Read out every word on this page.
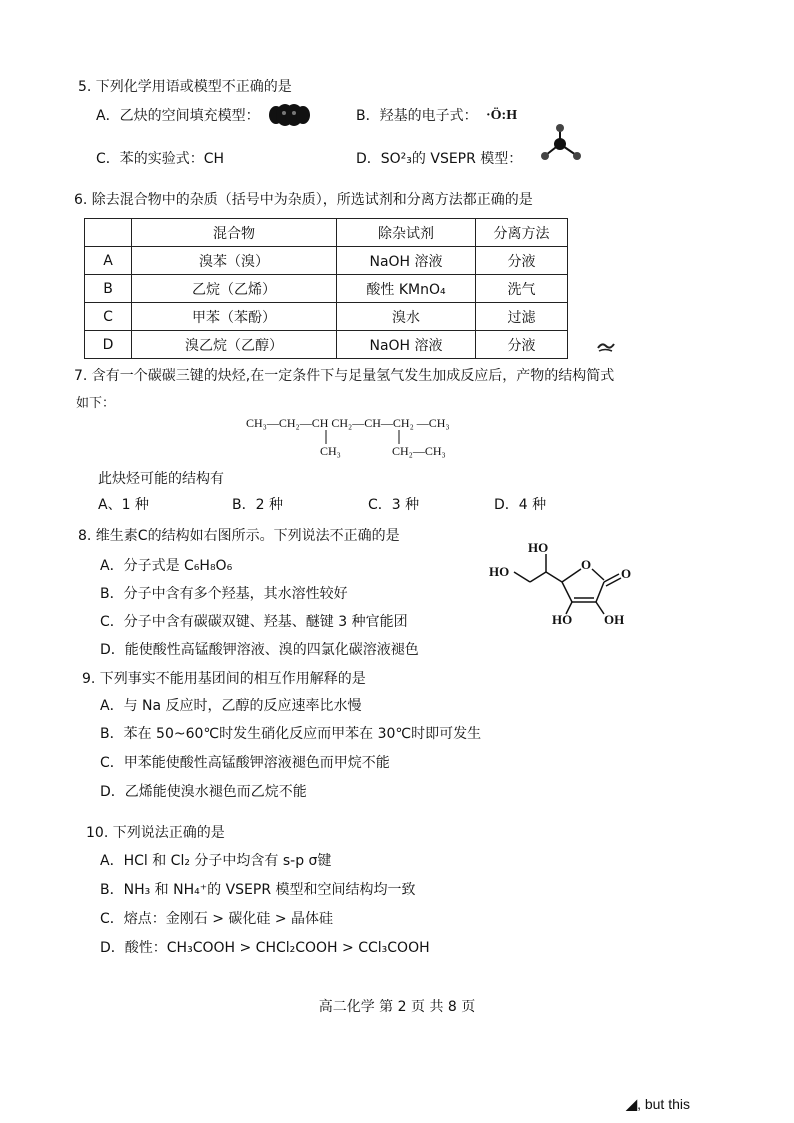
5. 下列化学用语或模型不正确的是
A．乙炔的空间填充模型：	B．羟基的电子式： ·Ö:H
C．苯的实验式：CH	D．SO²₃的 VSEPR 模型：
6. 除去混合物中的杂质（括号中为杂质），所选试剂和分离方法都正确的是
	混合物	除杂试剂	分离方法
A	溴苯（溴）	NaOH 溶液	分液
B	乙烷（乙烯）	酸性 KMnO₄	洗气
C	甲苯（苯酚）	溴水	过滤
D	溴乙烷（乙醇）	NaOH 溶液	分液
7. 含有一个碳碳三键的炔烃,在一定条件下与足量氢气发生加成反应后，产物的结构简式
如下：
CH₃—CH₂—CH CH₂—CH—CH₂ —CH₃
CH₃	CH₂—CH₃
此炔烃可能的结构有
A、1 种	B．2 种	C．3 种	D．4 种
8. 维生素C的结构如右图所示。下列说法不正确的是
A．分子式是 C₆H₈O₆
B．分子中含有多个羟基，其水溶性较好
C．分子中含有碳碳双键、羟基、醚键 3 种官能团
D．能使酸性高锰酸钾溶液、溴的四氯化碳溶液褪色
HO
HO	O
O
HO OH
9. 下列事实不能用基团间的相互作用解释的是
A．与 Na 反应时，乙醇的反应速率比水慢
B．苯在 50~60℃时发生硝化反应而甲苯在 30℃时即可发生
C．甲苯能使酸性高锰酸钾溶液褪色而甲烷不能
D．乙烯能使溴水褪色而乙烷不能
10. 下列说法正确的是
A．HCl 和 Cl₂ 分子中均含有 s-p σ键
B．NH₃ 和 NH₄⁺的 VSEPR 模型和空间结构均一致
C．熔点：金刚石 > 碳化硅 > 晶体硅
D．酸性：CH₃COOH > CHCl₂COOH > CCl₃COOH
高二化学 第 2 页 共 8 页
◢, but this
